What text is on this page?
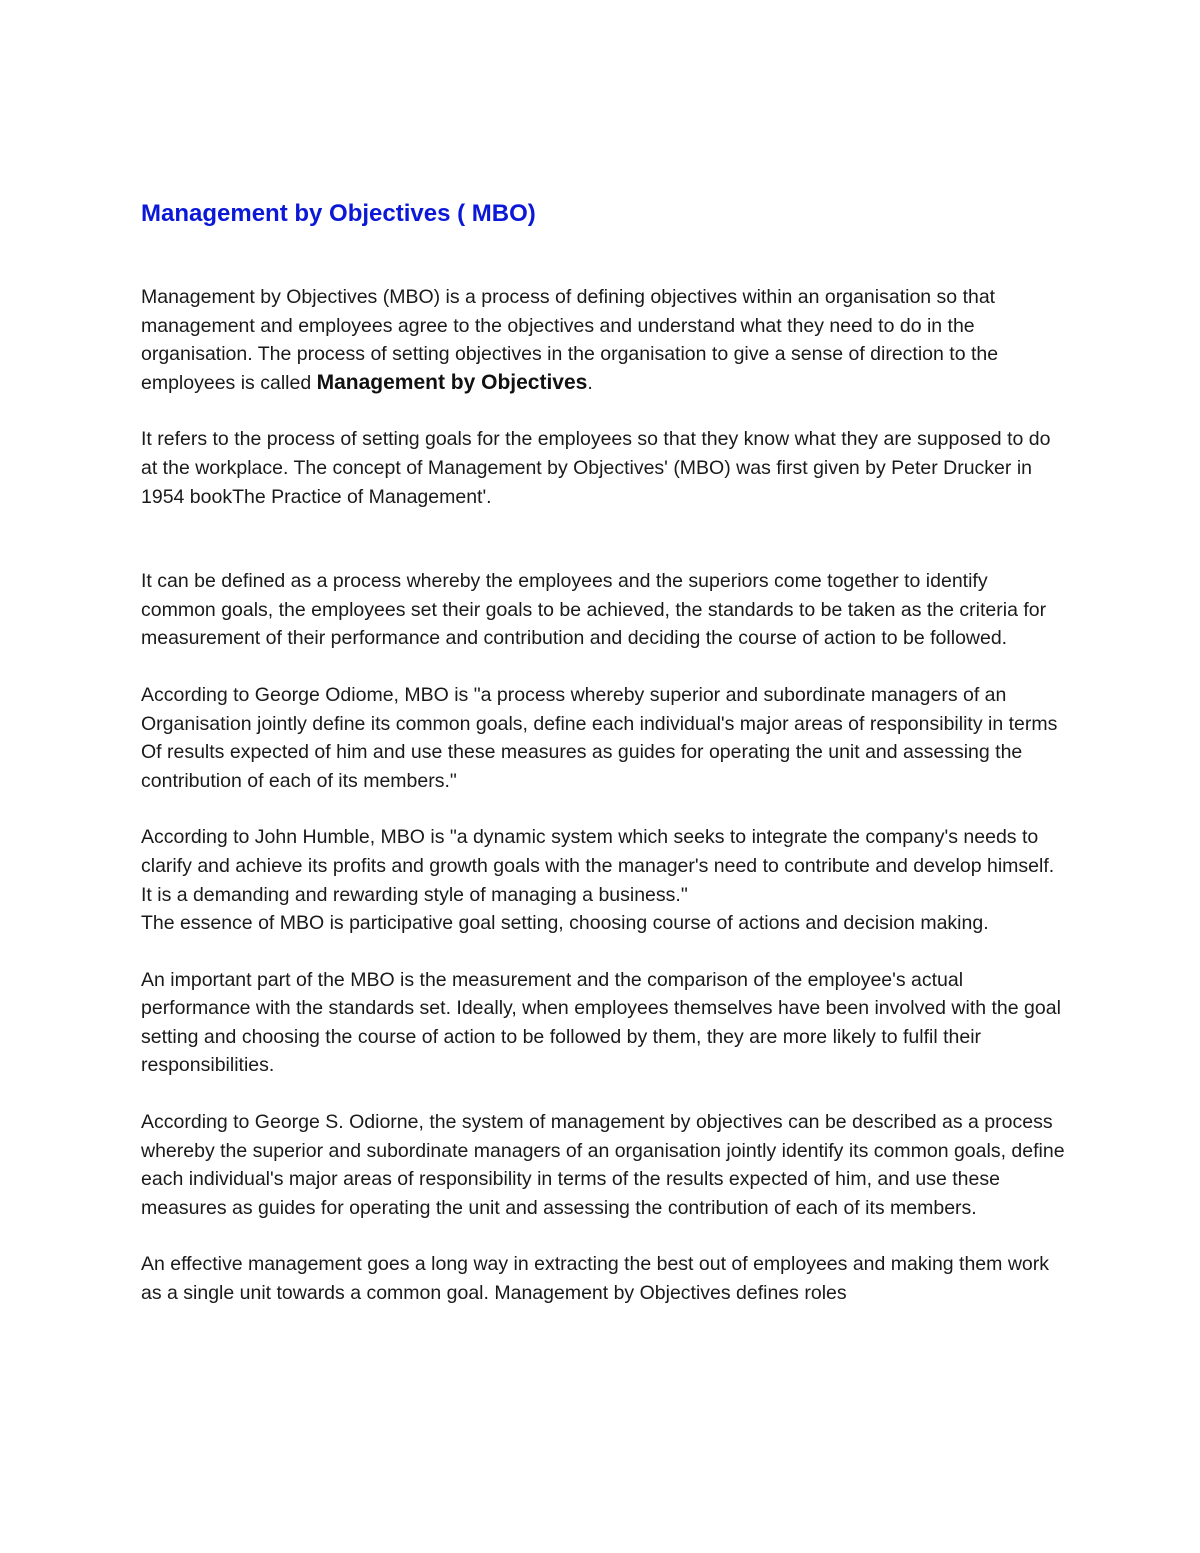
Management by Objectives ( MBO)

Management by Objectives (MBO) is a process of defining objectives within an organisation so that management and employees agree to the objectives and understand what they need to do in the organisation. The process of setting objectives in the organisation to give a sense of direction to the employees is called Management by Objectives.

It refers to the process of setting goals for the employees so that they know what they are supposed to do at the workplace. The concept of Management by Objectives' (MBO) was first given by Peter Drucker in 1954 bookThe Practice of Management'.

It can be defined as a process whereby the employees and the superiors come together to identify common goals, the employees set their goals to be achieved, the standards to be taken as the criteria for measurement of their performance and contribution and deciding the course of action to be followed.

According to George Odiome, MBO is "a process whereby superior and subordinate managers of an Organisation jointly define its common goals, define each individual's major areas of responsibility in terms Of results expected of him and use these measures as guides for operating the unit and assessing the contribution of each of its members."

According to John Humble, MBO is "a dynamic system which seeks to integrate the company's needs to clarify and achieve its profits and growth goals with the manager's need to contribute and develop himself. It is a demanding and rewarding style of managing a business."

The essence of MBO is participative goal setting, choosing course of actions and decision making.

An important part of the MBO is the measurement and the comparison of the employee's actual performance with the standards set. Ideally, when employees themselves have been involved with the goal setting and choosing the course of action to be followed by them, they are more likely to fulfil their responsibilities.

According to George S. Odiorne, the system of management by objectives can be described as a process whereby the superior and subordinate managers of an organisation jointly identify its common goals, define each individual's major areas of responsibility in terms of the results expected of him, and use these measures as guides for operating the unit and assessing the contribution of each of its members.

An effective management goes a long way in extracting the best out of employees and making them work as a single unit towards a common goal. Management by Objectives defines roles
